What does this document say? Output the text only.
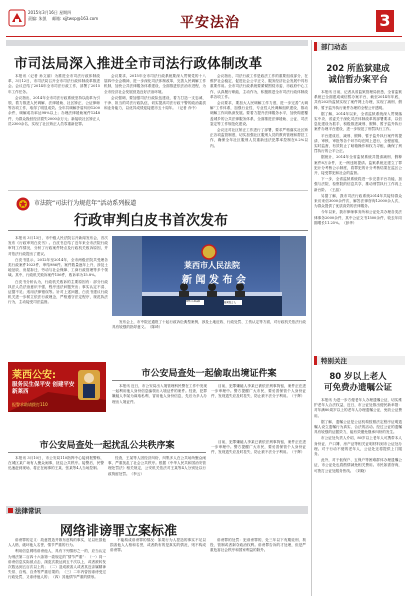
2015年3月16日 星期四
责编: 朱凯 邮箱: xjjtwsp@163.com	平安法治	3
市司法局深入推进全市司法行政体制改革

本报讯（记者 孙文丽）为推进全市司法行政体制改革，3月12日，市司法局召开全市司法行政体制改革推进会。会议总结了2014年全市司法行政工作，部署了2015年工作任务。

会议指出，2014年全市司法行政系统坚持以改革为引领，着力推进人民调解、法律援助、社区矫正、公证律师等各项工作，取得了明显成效。全年共调解矛盾纠纷1200余件，调解成功率达98%以上；办理法律援助案件1248件，为群众挽回经济损失2000余万元；新接收社区矫正人员2300余名，实现了社区矫正人员零重新犯罪。

会议要求，2015年全市司法行政系统要深入贯彻党的十八届四中全会精神，进一步深化司法体制改革，完善人民调解工作机制，加快公共法律服务体系建设，全面推进依法治市进程，为全市经济社会发展营造良好法治环境。

会议强调，要加强司法行政队伍建设，着力打造一支忠诚、干净、担当的司法行政队伍，切实提高司法行政干警的政治素质和业务能力，以优异成绩迎接建市五十周年。（记者 乔中）

会议指出，司法行政工作是政法工作的重要组成部分，在维护社会稳定、促进社会公平正义、服务经济社会发展中具有重要作用。全市司法行政系统要紧紧围绕市委、市政府中心工作，认真履行职能，主动作为，积极推进全市司法行政体制改革各项工作。

会议要求，要加大人民调解工作力度，进一步完善“大调解”工作体系，加强行业性、专业性人民调解组织建设，推动调解工作向纵深发展。要着力提升法律服务水平，加快构建覆盖城乡的公共法律服务体系，全面推进法律援助、公证、司法鉴定等工作规范化建设。

会议还对社区矫正工作进行了部署，要求严格落实社区矫正各项监管制度，切实加强社区服刑人员的教育管理和帮扶工作，确保全年社区服刑人员重新违法犯罪率控制在0.2%以内。

市法院“司法行为规范年”活动系列报道
行政审判白皮书首次发布

本报讯 3月13日，市中级人民法院召开新闻发布会，首次发布《行政审判白皮书》。白皮书总结了近年来全市法院行政审判工作情况，分析了行政案件特点及行政机关败诉原因，并对依法行政提出了建议。

白皮书显示，2012年至2014年，全市两级法院共受理各类行政案件1023件，审结986件。案件数量逐年上升，涉及土地征收、房屋拆迁、劳动与社会保障、工商行政管理等多个领域。其中，行政机关败诉案件156件，败诉率为15.8%。

白皮书分析认为，行政机关败诉的主要原因有：部分行政执法人员法治意识不强，程序违法问题突出；事实认定不清、证据不足；适用法律错误等。针对上述问题，白皮书建议行政机关进一步树立依法行政理念，严格遵守法定程序，规范执法行为，主动接受司法监督。

莱西市人民法院
新 闻 发 布 会
莱西市人民法院	新闻发言人

发布会上，市中院还通报了十起行政诉讼典型案例，涉及土地征收、行政处罚、工伤认定等方面，对行政机关依法行政具有较强的指导意义。（陈琦）

莱西公安:
服务民生保平安 创建平安新莱西
报警求助请拨打110
市公安局查处一起偷取出境证件案

本报讯 近日，市公安局出入境管理科民警在工作中发现一起利用他人身份信息骗领出入境证件的案件。经查，犯罪嫌疑人李某为谋取私利，冒用他人身份信息，先后为多人办理出入境证件。

目前，犯罪嫌疑人李某已被依法刑事拘留，案件正在进一步审理中。警方提醒广大市民，要妥善保管个人身份证件，发现遗失应及时挂失，防止被不法分子利用。（于辉）

市公安局查处一起扰乱公共秩序案

本报讯 3月10日，市公安局110指挥中心接到报警称，在城区某广场有人聚众闹事，扰乱公共秩序。接警后，民警迅速赶到现场，将正在闹事的王某、张某等4人当场控制。

经查，王某等人因经济纠纷，纠集多人在公共场所聚众闹事，严重扰乱了社会公共秩序。根据《中华人民共和国治安管理处罚法》相关规定，公安机关依法对王某等4人分别处以行政拘留处罚。（李云）

目前，犯罪嫌疑人李某已被依法刑事拘留，案件正在进一步审理中。警方提醒广大市民，要妥善保管个人身份证件，发现遗失应及时挂失，防止被不法分子利用。（于辉）

法律常识
网络诽谤罪立案标准

诽谤罪的定义：故意捏造并散布虚构的事实，足以贬损他人人格，破坏他人名誉，情节严重的行为。

利用信息网络诽谤他人，具有下列情形之一的，应当认定为刑法第二百四十六条第一款规定的“情节严重”：（一）同一诽谤信息实际被点击、浏览次数达到五千次以上，或者被转发次数达到五百次以上的；（二）造成被害人或者其近亲属精神失常、自残、自杀等严重后果的；（三）二年内曾因诽谤受过行政处罚，又诽谤他人的；（四）其他情节严重的情形。

不能构成诽谤罪的情况：如果行为人捏造的事实不足以损害他人人格和名誉，或者散布的是真实的情况，则不构成诽谤罪。

诽谤罪的处罚：犯诽谤罪的，处三年以下有期徒刑、拘役、管制或者剥夺政治权利。诽谤罪告诉的才处理，但是严重危害社会秩序和国家利益的除外。

部门动态
202 所监狱建成
诚信暂办案平台

本报讯 日前，记者从省监狱管理局获悉，全省监狱系统已全面建成诚信暂办案平台，截至2014年年底，共有202所监狱实现了案件网上办理，实现了减刑、假释、暂予监外执行案件办理的全程公开透明。

据了解，2014年以来，全省监狱系统深入贯彻落实中央、省委关于深化司法体制改革的部署要求，以信息化建设为抓手，积极推进减刑、假释、暂予监外执行案件办理平台建设，进一步规范了刑罚执行工作。

平台建成后，减刑、假释、暂予监外执行案件的提请、审核、审批等各个环节均在网上进行，全程留痕，实时监督，有效防止了暗箱操作和权力寻租，确保了刑罚执行的公平公正。

据统计，2014年全省监狱系统共提请减刑、假释案件8万余件，无一例违规提请。监狱系统还建立了罪犯计分考核公示制度，将罪犯的计分考核结果在监区公开，接受罪犯和社会的监督。

下一步，全省监狱系统将进一步完善平台功能，加强与法院、检察院的信息共享，推动刑罚执行工作再上新台阶。（王晶）

另据了解，我市司法行政系统2014年共接待群众来访来信3000余件次，解答法律咨询12000余人次，为群众提供了优质高效的法律服务。

今年以来，我市律师事务所和公证处共办理各类法律事务2000余件，其中公证文书1500余件，较去年同期增长11.25%。（彭华）

特别关注
80 岁以上老人
可免费办遗嘱公证

本报讯 为进一步方便老年人办理遗嘱公证，切实维护老年人合法权益，近日，市公证处推出便民新举措：对年满80周岁以上的老年人办理遗嘱公证，免收公证费用。

据了解，遗嘱公证是公证机构按照法定程序证明遗嘱人设立遗嘱行为真实、合法的活动。经过公证的遗嘱具有较强的证据效力，能有效避免继承纠纷的发生。

市公证处负责人介绍，80岁以上老年人可携带本人身份证、户口簿、房产证等相关证明材料到市公证处办理。对于行动不便的老年人，公证处还将提供上门服务。

此外，对于低保户、五保户等困难群体办理遗嘱公证，市公证处也将酌情减免相关费用。市民如需咨询，可拨打公证处服务热线。（刘晓）
